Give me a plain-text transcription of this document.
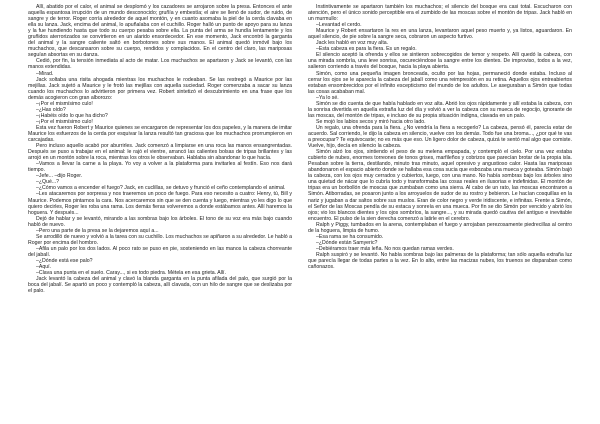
Allí, abatido por el calor, el animal se desplomó y los cazadores se arrojaron sobre la presa. Entonces el ante aquella espantosa irrupción de un mundo desconocido; gruñía y embestía; el aire se llenó de sudor, de ruido, de sangre y de terror. Roger corría alrededor de aquel montón, y en cuanto asomaba la piel de la cerda clavaba en ella su lanza. Jack, encima del animal, lo apuñalaba con el cuchillo. Roger halló un punto de apoyo para su lanza y la fue hundiendo hasta que todo su cuerpo pesaba sobre ella. La punta del arma se hundía lentamente y los gruñidos aterrorizados se convirtieron en un alarido ensordecedor. En ese momento, Jack encontró la garganta del animal y la sangre caliente saltó en borbotones sobre sus manos. El animal quedó inmóvil bajo los muchachos, que descansaron sobre su cuerpo, rendidos y complacidos. En el centro del claro, las mariposas seguían absortas en su danza.

Cedió, por fin, la tensión inmediata al acto de matar. Los muchachos se apartaron y Jack se levantó, con las manos extendidas.

–Mirad.

Jack soltaba una risita ahogada mientras los muchachos le rodeaban. Se las restregó a Maurice por las mejillas. Jack sujetó a Maurice y le frotó las mejillas con aquella suciedad. Roger comenzaba a sacar su lanza cuando los muchachos lo advirtieron por primera vez. Robert sintetizó el descubrimiento en una frase que los demás acogieron con gran alborozo:

–¡Por el mismísimo culo!

–¿Has oído?

–¡Habéis oído lo que ha dicho?

–¡Por el mismísimo culo!

Esta vez fueron Robert y Maurice quienes se encargaron de representar los dos papeles, y la manera de imitar Maurice los esfuerzos de la cerda por esquivar la lanza resultó tan graciosa que los muchachos prorrumpieron en carcajadas.

Pero incluso aquello acabó por aburrirles. Jack comenzó a limpiarse en una roca las manos ensangrentadas. Después se puso a trabajar en el animal: le rajó el vientre, arrancó las calientes bolsas de tripas brillantes y las arrojó en un montón sobre la roca, mientras los otros le observaban. Hablaba sin abandonar lo que hacía.

–Vamos a llevar la carne a la playa. Yo voy a volver a la plataforma para invitarles al festín. Eso nos dará tiempo.

–Jefe... –dijo Roger.

–¿Qué...?

–¿Cómo vamos a encender el fuego? Jack, en cuclillas, se detuvo y frunció el ceño contemplando el animal.

–Les atacaremos por sorpresa y nos traeremos un poco de fuego. Para eso necesito a cuatro: Henry, tú, Bill y Maurice. Podemos pintarnos la cara. Nos acercaremos sin que se den cuenta y luego, mientras yo les digo lo que quiero decirles, Roger les roba una rama. Los demás fieras volveremos a donde estábamos antes. Allí haremos la hoguera. Y después...

Dejó de hablar y se levantó, mirando a las sombras bajo los árboles. El tono de su voz era más bajo cuando habló de nuevo.

–Pero una parte de la presa se la dejaremos aquí a...

Se arrodilló de nuevo y volvió a la tarea con su cuchillo. Los muchachos se apiñaron a su alrededor. Le habló a Roger por encima del hombro.

–Afila un palo por los dos lados. Al poco rato se puso en pie, sosteniendo en las manos la cabeza chorreante del jabalí.

–¿Dónde está ese palo?

–Aquí.

–Clava una punta en el suelo. Caray..., si es todo piedra. Métela en esa grieta. Allí.

Jack levantó la cabeza del animal y clavó la blanda garganta en la punta afilada del palo, que surgió por la boca del jabalí. Se apartó un poco y contempló la cabeza, allí clavada, con un hilo de sangre que se deslizaba por el palo.

Instintivamente se apartaron también los muchachos; el silencio del bosque era casi total. Escucharon con atención, pero el único sonido perceptible era el zumbido de las moscas sobre el montón de tripas. Jack habló en un murmullo:

–Levantad el cerdo.

Maurice y Robert ensartaron la res en una lanza, levantaron aquel peso muerto y, ya listos, aguardaron. En aquel silencio, de pie sobre la sangre seca, cobraron un aspecto furtivo.

Jack les habló en voz muy alta.

–Esta cabeza es para la fiera. Es un regalo.

El silencio aceptó la ofrenda y ellos se sintieron sobrecogidos de temor y respeto. Allí quedó la cabeza, con una mirada sombría, una leve sonrisa, oscureciéndose la sangre entre los dientes. De improviso, todos a la vez, salieron corriendo a través del bosque, hacia la playa abierta.

Simón, como una pequeña imagen bronceada, oculto por las hojas, permaneció donde estaba. Incluso al cerrar los ojos se le aparecía la cabeza del jabalí como una reimpresión en su retina. Aquellos ojos entreabiertos estaban ensombrecidos por el infinito escepticismo del mundo de los adultos. Le aseguraban a Simón que todas las cosas acababan mal.

–Ya lo sé.

Simón se dio cuenta de que había hablado en voz alta. Abrió los ojos rápidamente y allí estaba la cabeza, con la sonrisa divertida en aquella extraña luz del día y volvió a ver la cabeza con su mueca de regocijo, ignorante de las moscas, del montón de tripas, e incluso de su propia situación indigna, clavada en un palo.

Se mojó los labios secos y miró hacia otro lado.

Un regalo, una ofrenda para la fiera. ¿No vendría la fiera a recogerlo? La cabeza, pensó él, parecía estar de acuerdo. Sal corriendo, le dijo la cabeza en silencio, vuelve con los demás. Todo fue una broma..., ¿por qué te vas a preocupar? Te equivocaste; no es más que eso. Un ligero dolor de cabeza, quizá te sentó mal algo que comiste. Vuelve, hijo, decía en silencio la cabeza.

Simón alzó los ojos, sintiendo el peso de su melena empapada, y contempló el cielo. Por una vez estaba cubierto de nubes, enormes torreones de tonos grises, marfileños y cobrizos que parecían brotar de la propia isla. Pesaban sobre la tierra, destilando, minuto tras minuto, aquel opresivo y angustioso calor. Hasta las mariposas abandonaron el espacio abierto donde se hallaba esa cosa sucia que esbozaba una mueca y goteaba. Simón bajó la cabeza, con los ojos muy cerrados y cubiertos, luego, con una mano. No había sombras bajo los árboles sino una quietud de nácar que lo cubría todo y transformaba las cosas reales en ilusorias e indefinidas. El montón de tripas era un borbollón de moscas que zumbaban como una sierra. Al cabo de un rato, las moscas encontraron a Simón. Atiborradas, se posaron junto a los arroyuelos de sudor de su rostro y bebieron. Le hacían cosquillas en la nariz y jugaban a dar saltos sobre sus muslos. Eran de color negro y verde iridiscente, e infinitas. Frente a Simón, el Señor de las Moscas pendía de su estaca y sonreía en una mueca. Por fin se dio Simón por vencido y abrió los ojos; vio los blancos dientes y los ojos sombríos, la sangre..., y su mirada quedó cautiva del antiguo e inevitable encuentro. El pulso de la sien derecha comenzó a latirle en el cerebro.

Ralph y Piggy, tumbados en la arena, contemplaban el fuego y arrojaban perezosamente piedrecillas al centro de la hoguera, limpia de humo.

–Esa rama se ha consumido.

–¿Dónde están Samyeric?

–Debiéramos traer más leña. No nos quedan ramas verdes.

Ralph suspiró y se levantó. No había sombras bajo las palmeras de la plataforma; tan sólo aquella extraña luz que parecía llegar de todas partes a la vez. En lo alto, entre las macizas nubes, los truenos se disparaban como cañonazos.
